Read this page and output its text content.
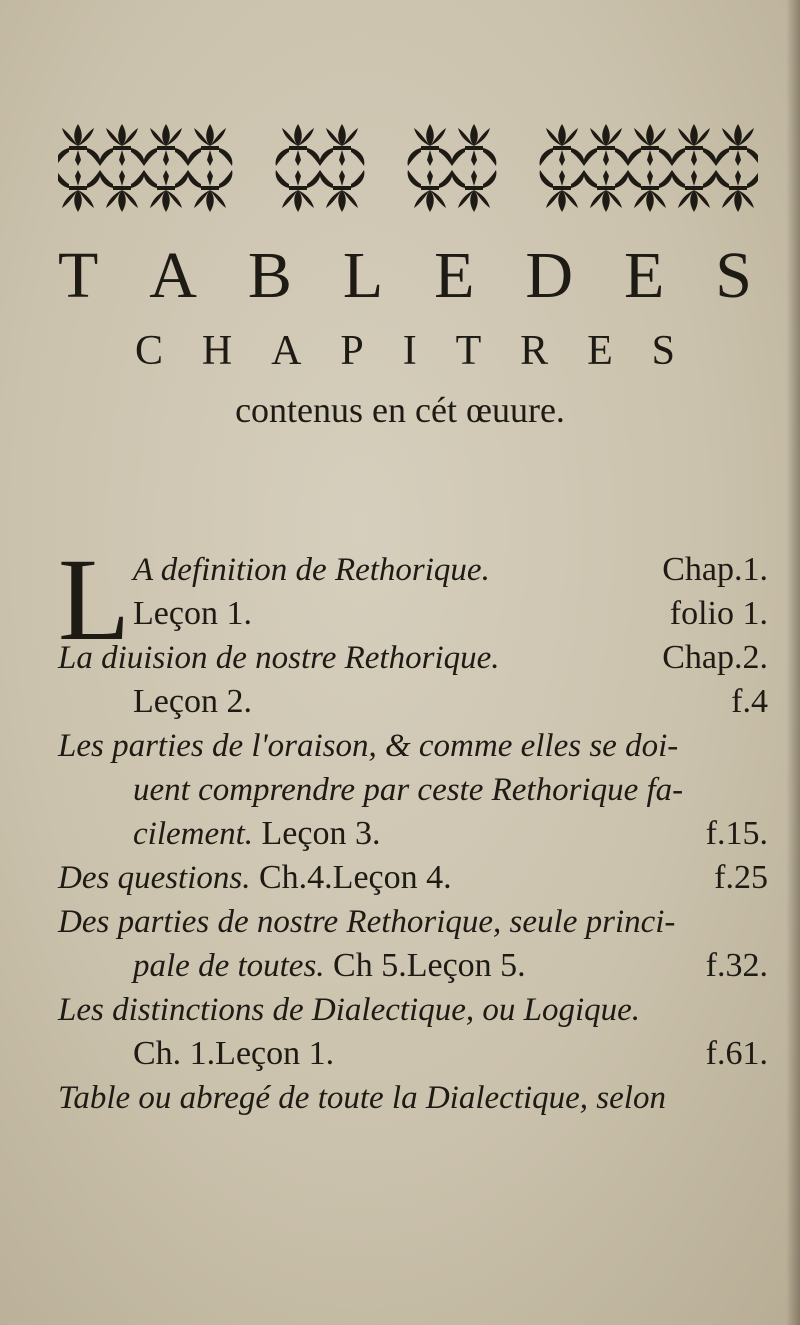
T A B L E D E S
C H A P I T R E S
contenus en cét œuure.
L A definition de Rethorique.	Chap.1.
Leçon 1.	folio 1.
La diuision de nostre Rethorique.	Chap.2.
Leçon 2.	f.4
Les parties de l'oraison, & comme elles se doi-
uent comprendre par ceste Rethorique fa-
cilement. Leçon 3.	f.15.
Des questions. Ch.4.Leçon 4.	f.25
Des parties de nostre Rethorique, seule princi-
pale de toutes. Ch 5.Leçon 5.	f.32.
Les distinctions de Dialectique, ou Logique.
Ch. 1.Leçon 1.	f.61.
Table ou abregé de toute la Dialectique, selon
